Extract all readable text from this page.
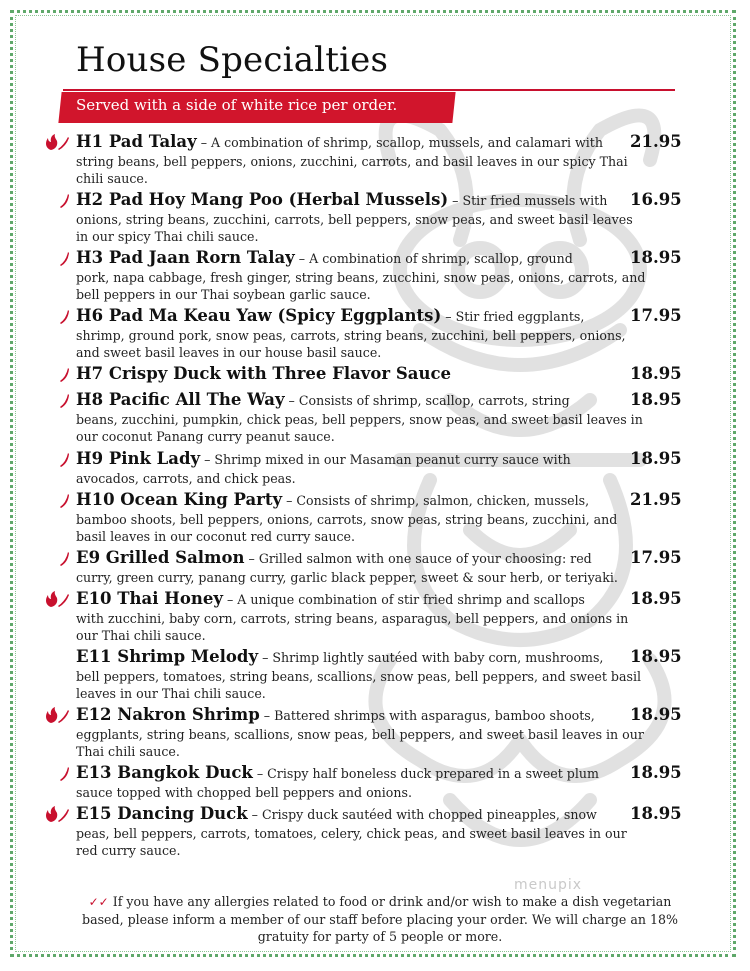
House Specialties
Served with a side of white rice per order.
H1 Pad Talay – A combination of shrimp, scallop, mussels, and calamari with 21.95

string beans, bell peppers, onions, zucchini, carrots, and basil leaves in our spicy Thai chili sauce.

H2 Pad Hoy Mang Poo (Herbal Mussels) – Stir fried mussels with 16.95

onions, string beans, zucchini, carrots, bell peppers, snow peas, and sweet basil leaves in our spicy Thai chili sauce.

H3 Pad Jaan Rorn Talay – A combination of shrimp, scallop, ground	18.95

pork, napa cabbage, fresh ginger, string beans, zucchini, snow peas, onions, carrots, and bell peppers in our Thai soybean garlic sauce.

H6 Pad Ma Keau Yaw (Spicy Eggplants) – Stir fried eggplants,	17.95

shrimp, ground pork, snow peas, carrots, string beans, zucchini, bell peppers, onions, and sweet basil leaves in our house basil sauce.

H7 Crispy Duck with Three Flavor Sauce	18.95
H8 Pacific All The Way – Consists of shrimp, scallop, carrots, string	18.95

beans, zucchini, pumpkin, chick peas, bell peppers, snow peas, and sweet basil leaves in our coconut Panang curry peanut sauce.

H9 Pink Lady – Shrimp mixed in our Masaman peanut curry sauce with	18.95

avocados, carrots, and chick peas.

H10 Ocean King Party – Consists of shrimp, salmon, chicken, mussels, 21.95

bamboo shoots, bell peppers, onions, carrots, snow peas, string beans, zucchini, and basil leaves in our coconut red curry sauce.

E9 Grilled Salmon – Grilled salmon with one sauce of your choosing: red 17.95

curry, green curry, panang curry, garlic black pepper, sweet & sour herb, or teriyaki.

E10 Thai Honey – A unique combination of stir fried shrimp and scallops	18.95

with zucchini, baby corn, carrots, string beans, asparagus, bell peppers, and onions in our Thai chili sauce.

E11 Shrimp Melody – Shrimp lightly sautéed with baby corn, mushrooms, 18.95

bell peppers, tomatoes, string beans, scallions, snow peas, bell peppers, and sweet basil leaves in our Thai chili sauce.

E12 Nakron Shrimp – Battered shrimps with asparagus, bamboo shoots, 18.95

eggplants, string beans, scallions, snow peas, bell peppers, and sweet basil leaves in our Thai chili sauce.

E13 Bangkok Duck – Crispy half boneless duck prepared in a sweet plum 18.95

sauce topped with chopped bell peppers and onions.

E15 Dancing Duck – Crispy duck sautéed with chopped pineapples, snow 18.95

peas, bell peppers, carrots, tomatoes, celery, chick peas, and sweet basil leaves in our red curry sauce.

menupix
✓✓ If you have any allergies related to food or drink and/or wish to make a dish vegetarian based, please inform a member of our staff before placing your order. We will charge an 18% gratuity for party of 5 people or more.
